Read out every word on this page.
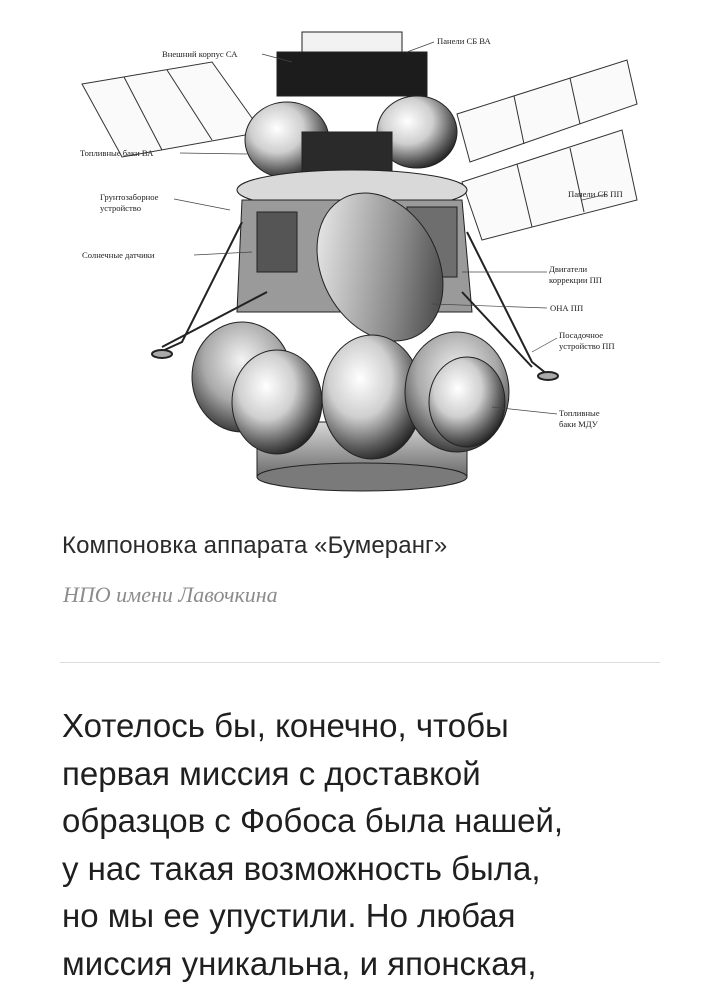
Внешний корпус СА
Панели СБ ВА
Топливные баки ВА
Грунтозаборное
устройство
Солнечные датчики
Панели СБ ПП
Двигатели
коррекции ПП
ОНА ПП
Посадочное
устройство ПП
Топливные
баки МДУ
Компоновка аппарата «Бумеранг»
НПО имени Лавочкина

Хотелось бы, конечно, чтобы
первая миссия с доставкой
образцов с Фобоса была нашей,
у нас такая возможность была,
но мы ее упустили. Но любая
миссия уникальна, и японская,
